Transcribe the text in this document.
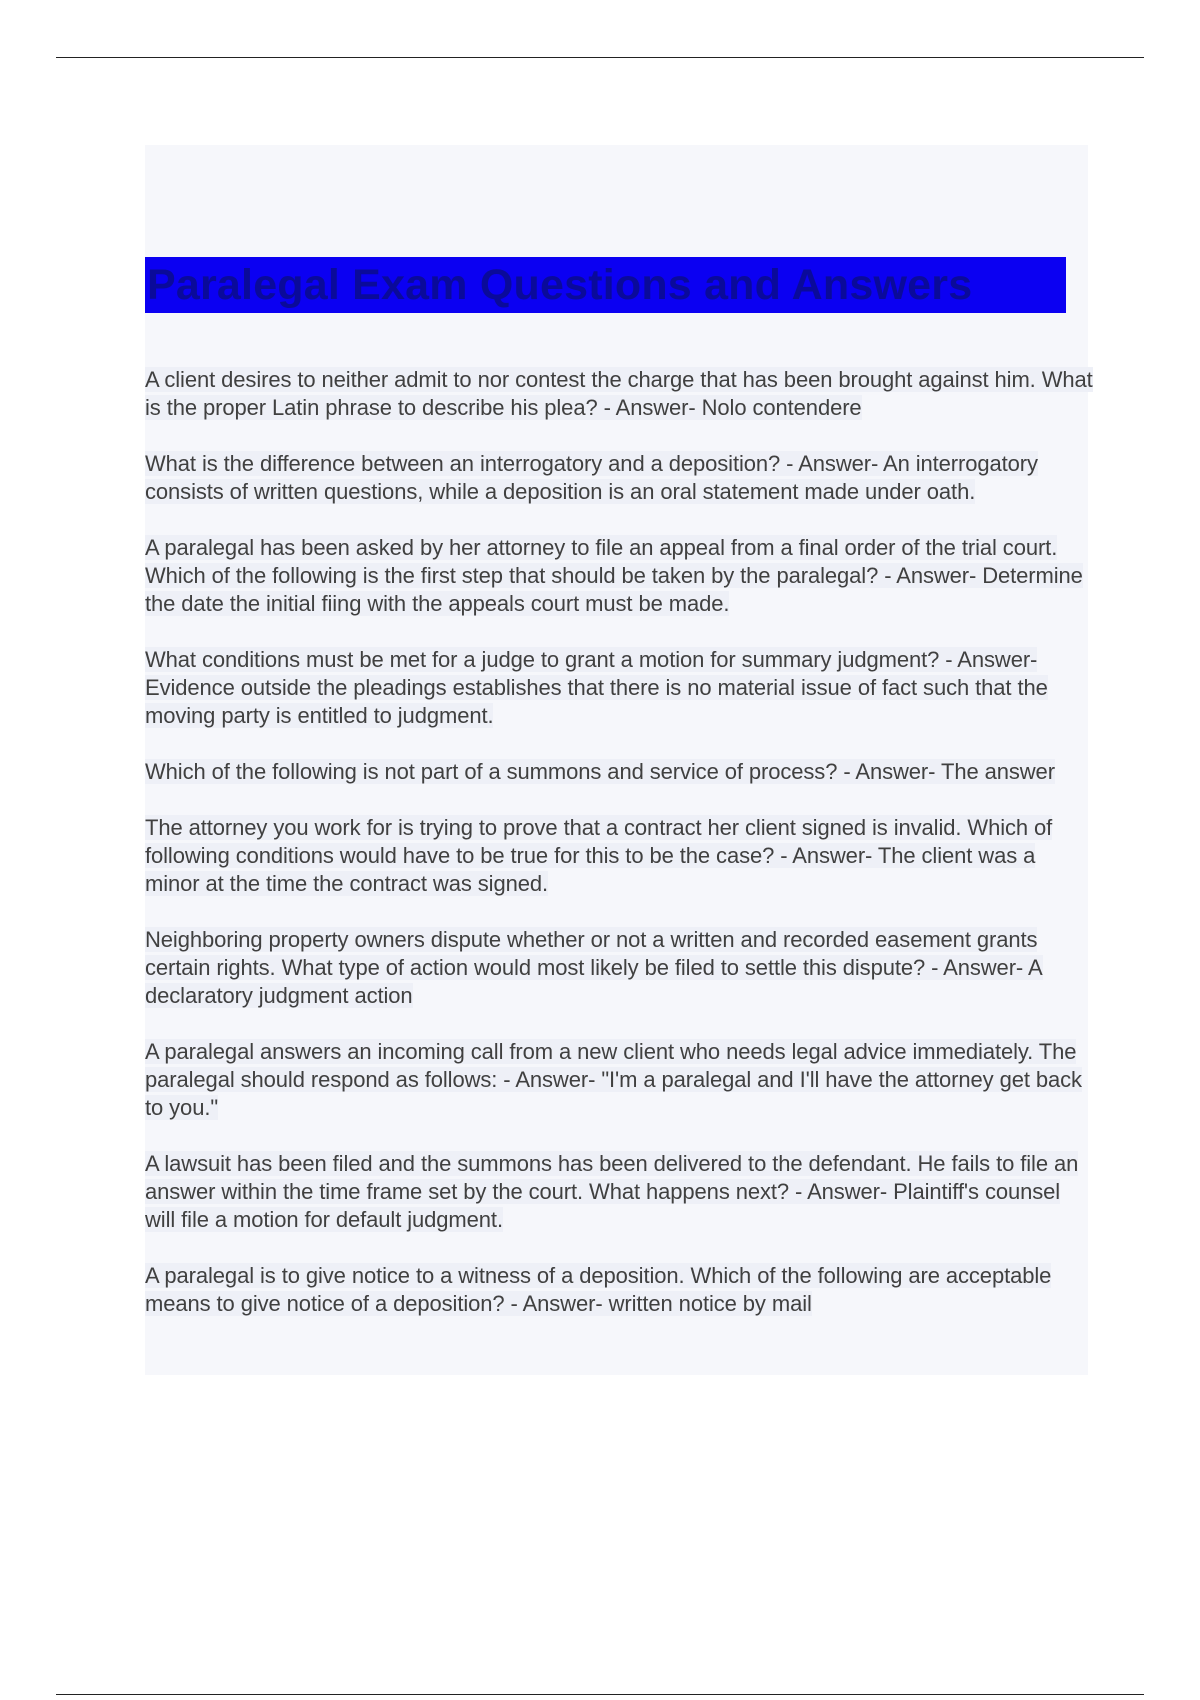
Paralegal Exam Questions and Answers
A client desires to neither admit to nor contest the charge that has been brought against him. What is the proper Latin phrase to describe his plea? - Answer- Nolo contendere
What is the difference between an interrogatory and a deposition? - Answer- An interrogatory consists of written questions, while a deposition is an oral statement made under oath.
A paralegal has been asked by her attorney to file an appeal from a final order of the trial court. Which of the following is the first step that should be taken by the paralegal? - Answer- Determine the date the initial fiing with the appeals court must be made.
What conditions must be met for a judge to grant a motion for summary judgment? - Answer- Evidence outside the pleadings establishes that there is no material issue of fact such that the moving party is entitled to judgment.
Which of the following is not part of a summons and service of process? - Answer- The answer
The attorney you work for is trying to prove that a contract her client signed is invalid. Which of following conditions would have to be true for this to be the case? - Answer- The client was a minor at the time the contract was signed.
Neighboring property owners dispute whether or not a written and recorded easement grants certain rights. What type of action would most likely be filed to settle this dispute? - Answer- A declaratory judgment action
A paralegal answers an incoming call from a new client who needs legal advice immediately. The paralegal should respond as follows: - Answer- "I'm a paralegal and I'll have the attorney get back to you."
A lawsuit has been filed and the summons has been delivered to the defendant. He fails to file an answer within the time frame set by the court. What happens next? - Answer- Plaintiff's counsel will file a motion for default judgment.
A paralegal is to give notice to a witness of a deposition. Which of the following are acceptable means to give notice of a deposition? - Answer- written notice by mail
